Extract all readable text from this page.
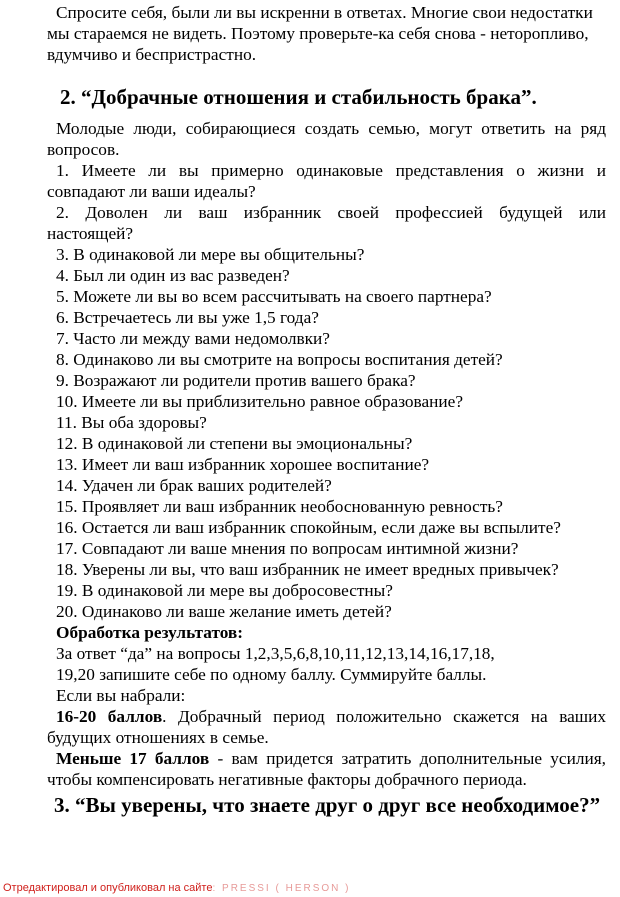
Спросите себя, были ли вы искренни в ответах. Многие свои недостатки
мы стараемся не видеть. Поэтому проверьте-ка себя снова - неторопливо,
вдумчиво и беспристрастно.
2. “Добрачные отношения и стабильность брака”.
Молодые люди, собирающиеся создать семью, могут ответить на ряд
вопросов.
1. Имеете ли вы примерно одинаковые представления о жизни и
совпадают ли ваши идеалы?
2. Доволен ли ваш избранник своей профессией будущей или
настоящей?
3. В одинаковой ли мере вы общительны?
4. Был ли один из вас разведен?
5. Можете ли вы во всем рассчитывать на своего партнера?
6. Встречаетесь ли вы уже 1,5 года?
7. Часто ли между вами недомолвки?
8. Одинаково ли вы смотрите на вопросы воспитания детей?
9. Возражают ли родители против вашего брака?
10. Имеете ли вы приблизительно равное образование?
11. Вы оба здоровы?
12. В одинаковой ли степени вы эмоциональны?
13. Имеет ли ваш избранник хорошее воспитание?
14. Удачен ли брак ваших родителей?
15. Проявляет ли ваш избранник необоснованную ревность?
16. Остается ли ваш избранник спокойным, если даже вы вспылите?
17. Совпадают ли ваше мнения по вопросам интимной жизни?
18. Уверены ли вы, что ваш избранник не имеет вредных привычек?
19. В одинаковой ли мере вы добросовестны?
20. Одинаково ли ваше желание иметь детей?
Обработка результатов:
За ответ “да” на вопросы 1,2,3,5,6,8,10,11,12,13,14,16,17,18,
19,20 запишите себе по одному баллу. Суммируйте баллы.
Если вы набрали:
16-20 баллов. Добрачный период положительно скажется на ваших
будущих отношениях в семье.
Меньше 17 баллов - вам придется затратить дополнительные усилия,
чтобы компенсировать негативные факторы добрачного периода.
3. “Вы уверены, что знаете друг о друг все необходимое?”
Отредактировал и опубликовал на сайте: PRESSI ( HERSON )
